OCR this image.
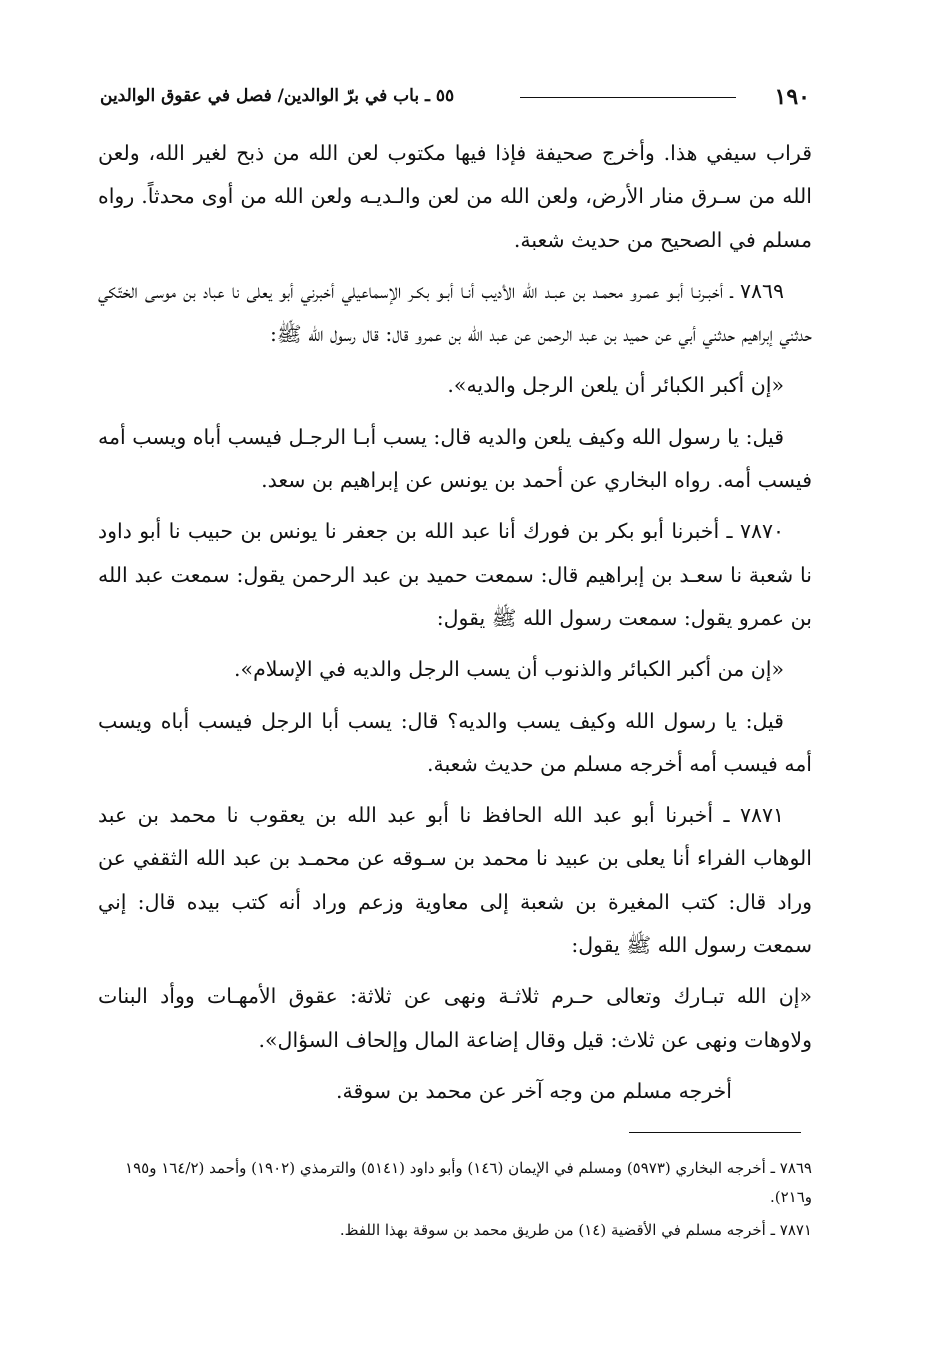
١٩٠
٥٥ ـ باب في برّ الوالدين/ فصل في عقوق الوالدين

قراب سيفي هذا. وأخرج صحيفة فإذا فيها مكتوب لعن الله من ذبح لغير الله، ولعن الله من سـرق منار الأرض، ولعن الله من لعن والـديـه ولعن الله من أوى محدثاً. رواه مسلم في الصحيح من حديث شعبة.

٧٨٦٩ ـ أخبـرنـا أبـو عمـرو محمـد بن عبـد الله الأديب أنـا أبـو بكـر الإسماعيلي أخبرني أبو يعلى نا عباد بن موسى الختّكي حدثني إبراهيم حدثني أبي عن حميد بن عبد الرحمن عن عبد الله بن عمرو قال: قال رسول الله ﷺ:

«إن أكبر الكبائر أن يلعن الرجل والديه».

قيل: يا رسول الله وكيف يلعن والديه قال: يسب أبـا الرجـل فيسب أباه ويسب أمه فيسب أمه. رواه البخاري عن أحمد بن يونس عن إبراهيم بن سعد.

٧٨٧٠ ـ أخبرنا أبو بكر بن فورك أنا عبد الله بن جعفر نا يونس بن حبيب نا أبو داود نا شعبة نا سعـد بن إبراهيم قال: سمعت حميد بن عبد الرحمن يقول: سمعت عبد الله بن عمرو يقول: سمعت رسول الله ﷺ يقول:

«إن من أكبر الكبائر والذنوب أن يسب الرجل والديه في الإسلام».

قيل: يا رسول الله وكيف يسب والديه؟ قال: يسب أبا الرجل فيسب أباه ويسب أمه فيسب أمه أخرجه مسلم من حديث شعبة.

٧٨٧١ ـ أخبرنا أبو عبد الله الحافظ نا أبو عبد الله بن يعقوب نا محمد بن عبد الوهاب الفراء أنا يعلى بن عبيد نا محمد بن سـوقه عن محمـد بن عبد الله الثقفي عن وراد قال: كتب المغيرة بن شعبة إلى معاوية وزعم وراد أنه كتب بيده قال: إني سمعت رسول الله ﷺ يقول:

«إن الله تبـارك وتعالى حـرم ثلاثـة ونهى عن ثلاثة: عقوق الأمهـات ووأد البنات ولاوهات ونهى عن ثلاث: قيل وقال إضاعة المال وإلحاف السؤال».

أخرجه مسلم من وجه آخر عن محمد بن سوقة.

٧٨٦٩ ـ أخرجه البخاري (٥٩٧٣) ومسلم في الإيمان (١٤٦) وأبو داود (٥١٤١) والترمذي (١٩٠٢) وأحمد (١٦٤/٢ و١٩٥ و٢١٦).

٧٨٧١ ـ أخرجه مسلم في الأقضية (١٤) من طريق محمد بن سوقة بهذا اللفظ.
